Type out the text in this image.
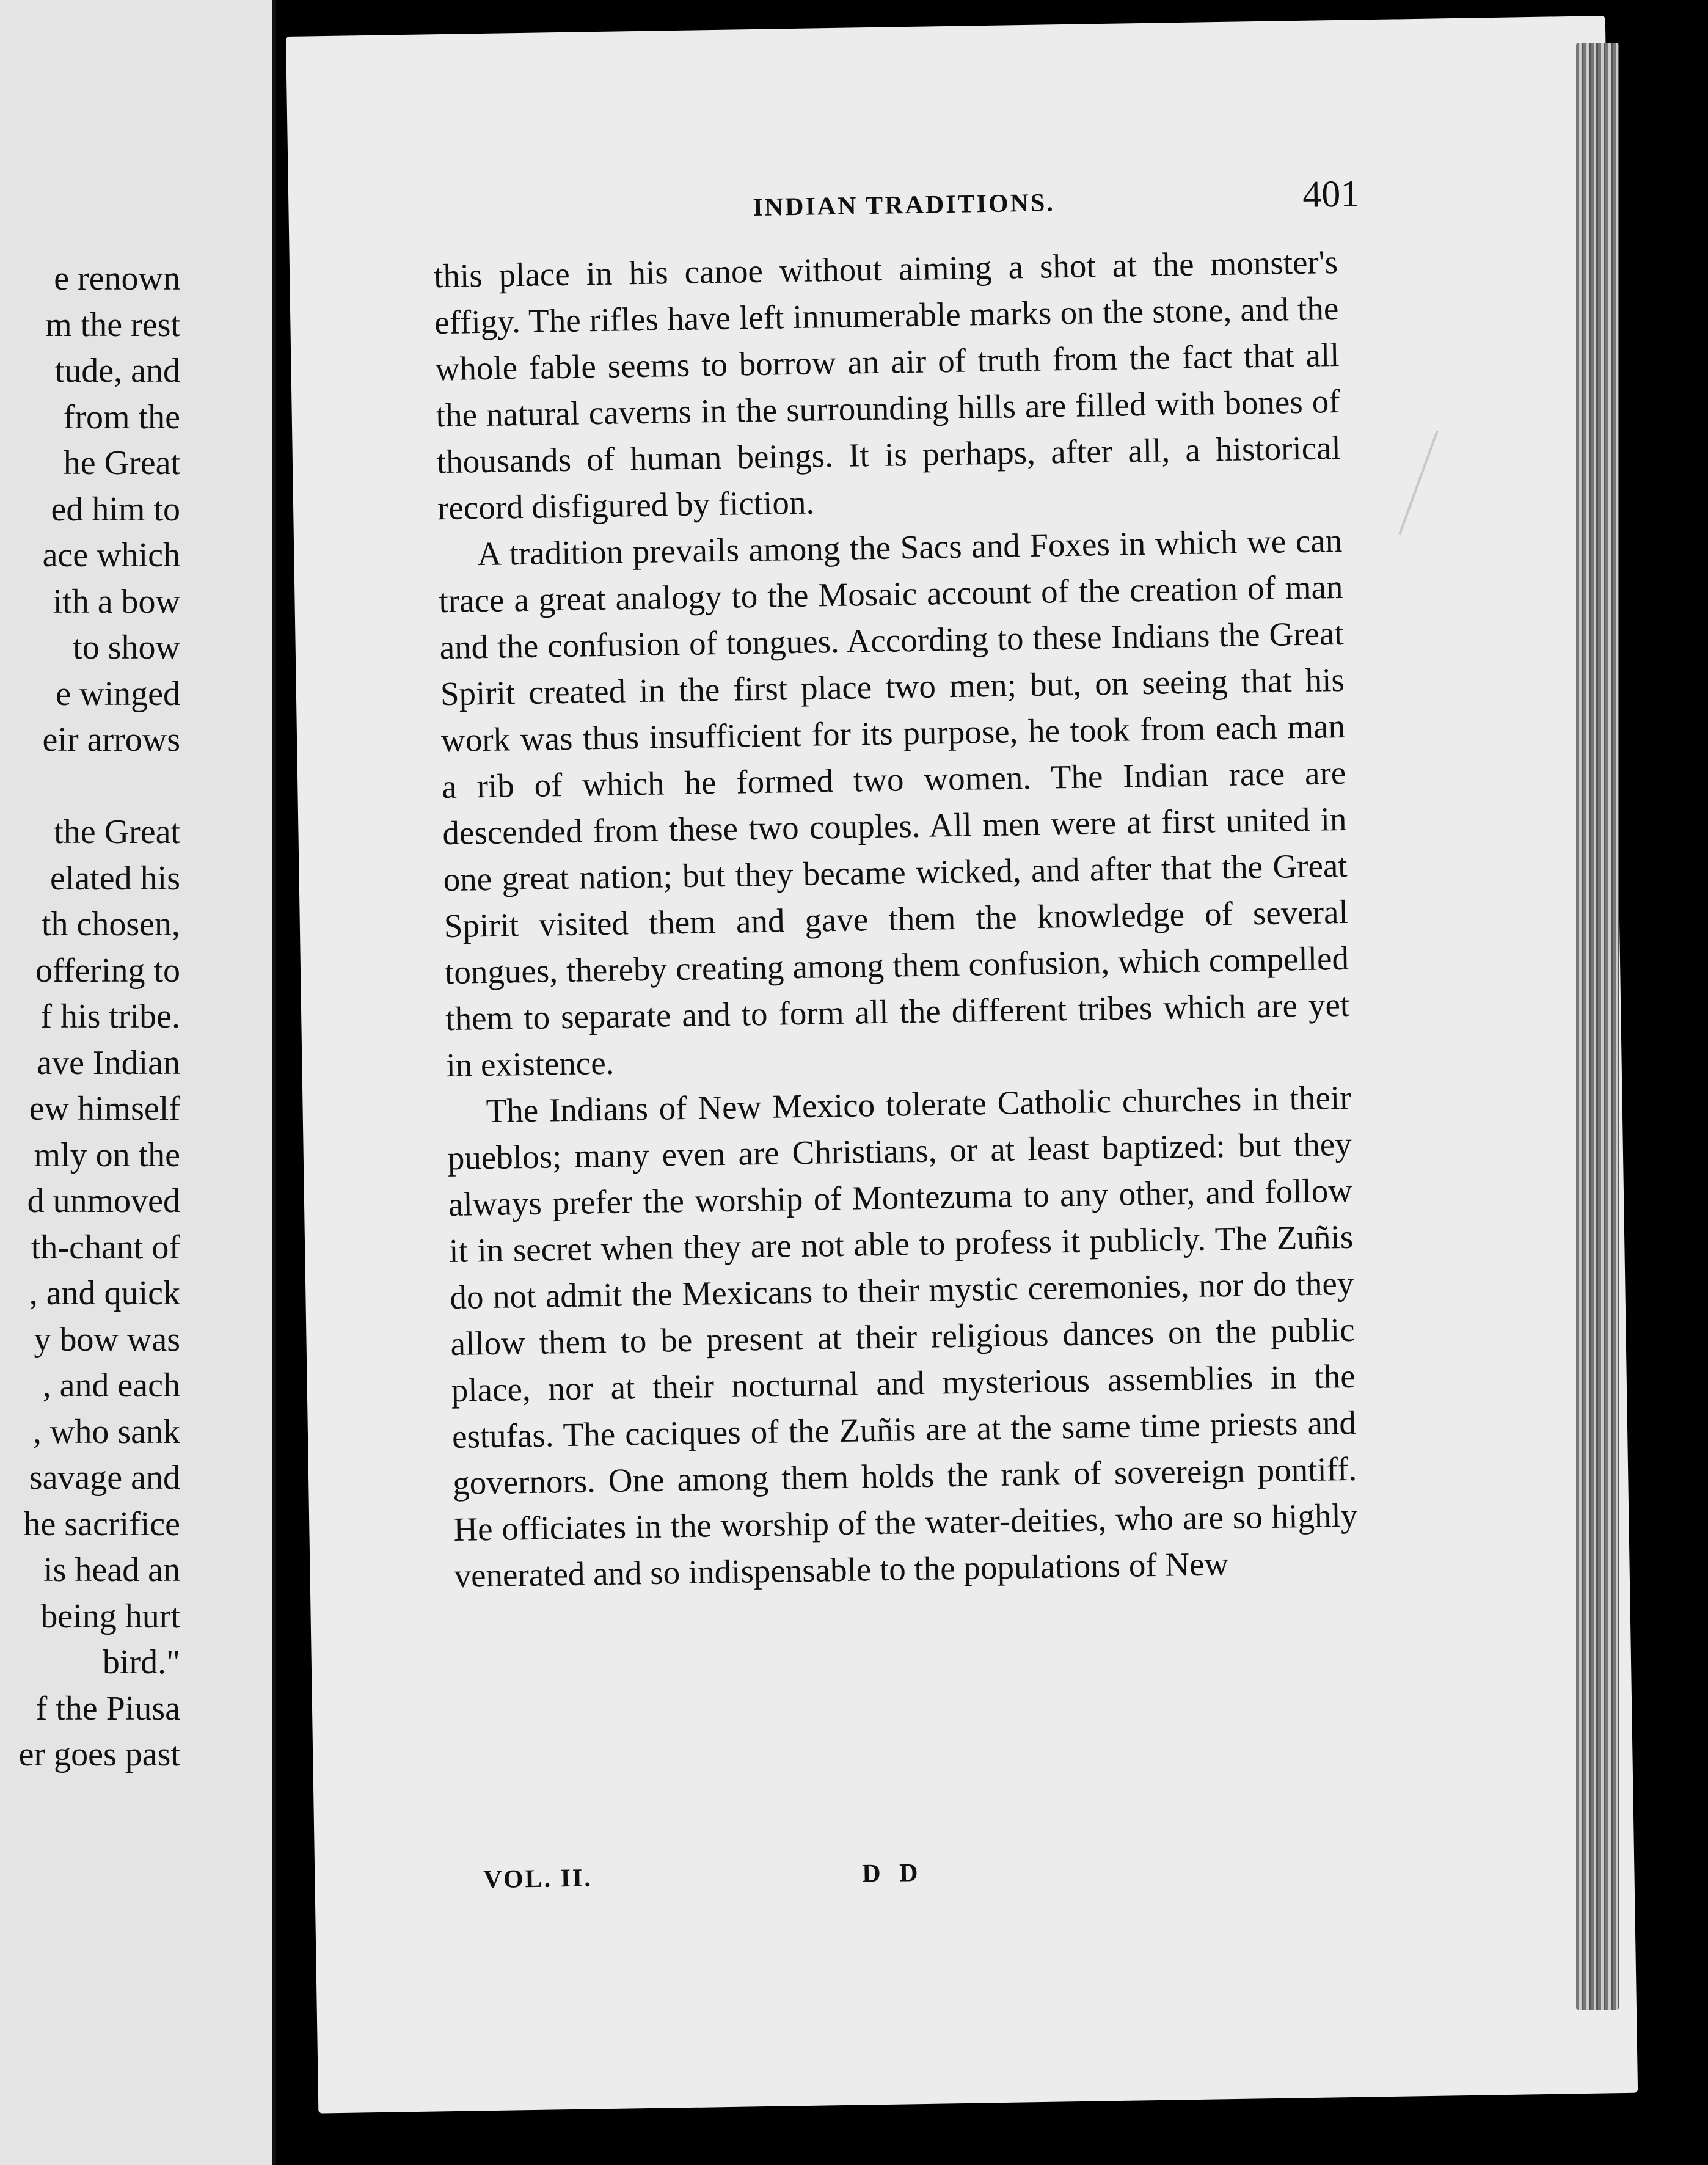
e renown
m the rest
tude, and
from the
he Great
ed him to
ace which
ith a bow
to show
e winged
eir arrows
the Great
elated his
th chosen,
offering to
f his tribe.
ave Indian
ew himself
mly on the
d unmoved
th-chant of
, and quick
y bow was
, and each
, who sank
savage and
he sacrifice
is head an
being hurt
bird."
f the Piusa
er goes past
INDIAN TRADITIONS.	401

this place in his canoe without aiming a shot at the monster's effigy. The rifles have left innumerable marks on the stone, and the whole fable seems to borrow an air of truth from the fact that all the natural caverns in the surrounding hills are filled with bones of thousands of human beings. It is perhaps, after all, a historical record disfigured by fiction.

A tradition prevails among the Sacs and Foxes in which we can trace a great analogy to the Mosaic account of the creation of man and the confusion of tongues. According to these Indians the Great Spirit created in the first place two men; but, on seeing that his work was thus insufficient for its purpose, he took from each man a rib of which he formed two women. The Indian race are descended from these two couples. All men were at first united in one great nation; but they became wicked, and after that the Great Spirit visited them and gave them the knowledge of several tongues, thereby creating among them confusion, which compelled them to separate and to form all the different tribes which are yet in existence.

The Indians of New Mexico tolerate Catholic churches in their pueblos; many even are Christians, or at least baptized: but they always prefer the worship of Montezuma to any other, and follow it in secret when they are not able to profess it publicly. The Zuñis do not admit the Mexicans to their mystic ceremonies, nor do they allow them to be present at their religious dances on the public place, nor at their nocturnal and mysterious assemblies in the estufas. The caciques of the Zuñis are at the same time priests and governors. One among them holds the rank of sovereign pontiff. He officiates in the worship of the water-deities, who are so highly venerated and so indispensable to the populations of New

VOL. II.	D D
